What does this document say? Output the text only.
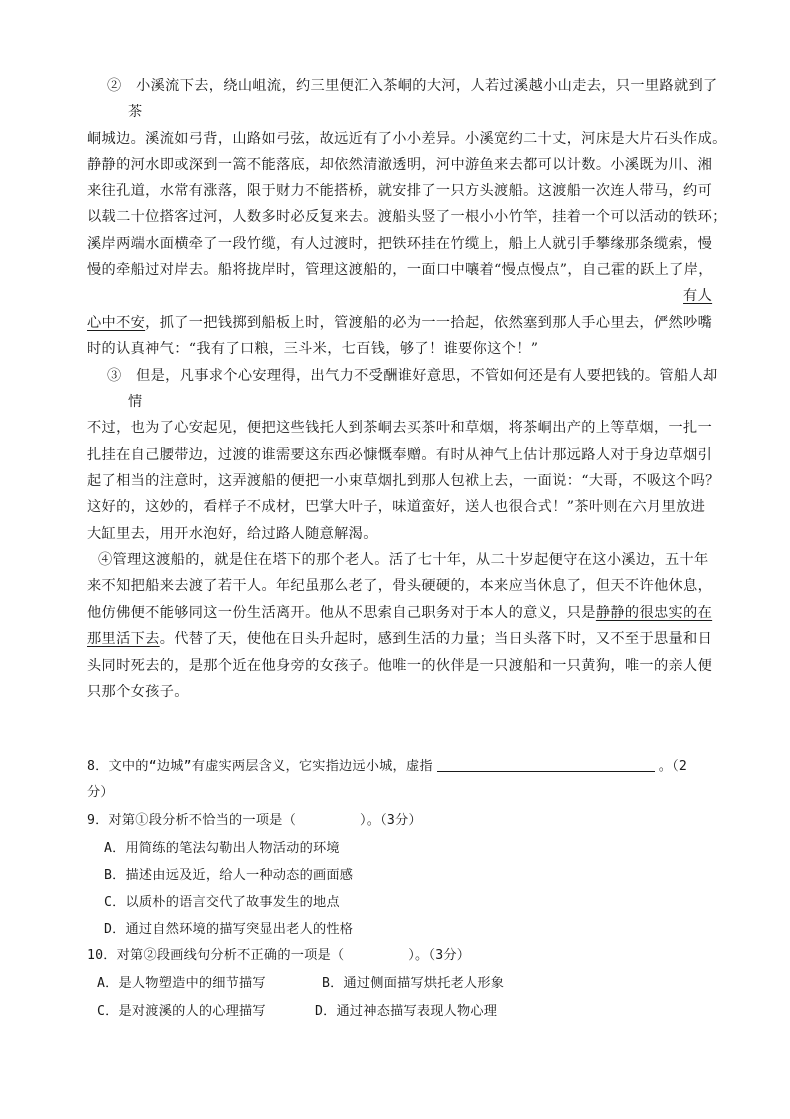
②　小溪流下去，绕山岨流，约三里便汇入茶峒的大河，人若过溪越小山走去，只一里路就到了
茶
峒城边。溪流如弓背，山路如弓弦，故远近有了小小差异。小溪宽约二十丈，河床是大片石头作成。
静静的河水即或深到一篙不能落底，却依然清澈透明，河中游鱼来去都可以计数。小溪既为川、湘
来往孔道，水常有涨落，限于财力不能搭桥，就安排了一只方头渡船。这渡船一次连人带马，约可
以载二十位搭客过河，人数多时必反复来去。渡船头竖了一根小小竹竿，挂着一个可以活动的铁环；
溪岸两端水面横牵了一段竹缆，有人过渡时，把铁环挂在竹缆上，船上人就引手攀缘那条缆索，慢
慢的牵船过对岸去。船将拢岸时，管理这渡船的，一面口中嚷着“慢点慢点”，自己霍的跃上了岸，
有人
心中不安，抓了一把钱掷到船板上时，管渡船的必为一一拾起，依然塞到那人手心里去，俨然吵嘴
时的认真神气：“我有了口粮，三斗米，七百钱，够了！谁要你这个！”
③　但是，凡事求个心安理得，出气力不受酬谁好意思，不管如何还是有人要把钱的。管船人却
情
不过，也为了心安起见，便把这些钱托人到茶峒去买茶叶和草烟，将茶峒出产的上等草烟，一扎一
扎挂在自己腰带边，过渡的谁需要这东西必慷慨奉赠。有时从神气上估计那远路人对于身边草烟引
起了相当的注意时，这弄渡船的便把一小束草烟扎到那人包袱上去，一面说：“大哥，不吸这个吗？
这好的，这妙的，看样子不成材，巴掌大叶子，味道蛮好，送人也很合式！”茶叶则在六月里放进
大缸里去，用开水泡好，给过路人随意解渴。
④管理这渡船的，就是住在塔下的那个老人。活了七十年，从二十岁起便守在这小溪边，五十年
来不知把船来去渡了若干人。年纪虽那么老了，骨头硬硬的，本来应当休息了，但天不许他休息，
他仿佛便不能够同这一份生活离开。他从不思索自己职务对于本人的意义，只是静静的很忠实的在
那里活下去。代替了天，使他在日头升起时，感到生活的力量；当日头落下时，又不至于思量和日
头同时死去的，是那个近在他身旁的女孩子。他唯一的伙伴是一只渡船和一只黄狗，唯一的亲人便
只那个女孩子。
8．文中的“边城”有虚实两层含义，它实指边远小城，虚指	。（2
分）
9．对第①段分析不恰当的一项是（	）。（3分）
A．用简练的笔法勾勒出人物活动的环境
B．描述由远及近，给人一种动态的画面感
C．以质朴的语言交代了故事发生的地点
D．通过自然环境的描写突显出老人的性格
10．对第②段画线句分析不正确的一项是（	）。（3分）
A．是人物塑造中的细节描写	B．通过侧面描写烘托老人形象
C．是对渡溪的人的心理描写	D．通过神态描写表现人物心理
